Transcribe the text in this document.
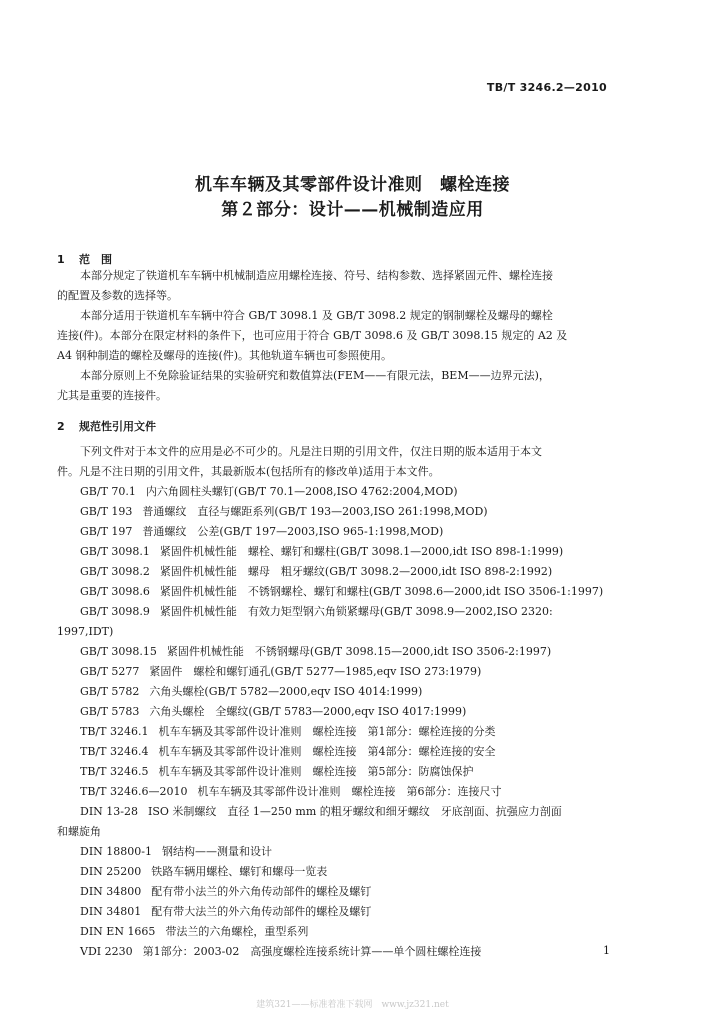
TB/T 3246.2—2010
机车车辆及其零部件设计准则　螺栓连接
第２部分：设计——机械制造应用
1 范　围
本部分规定了铁道机车车辆中机械制造应用螺栓连接、符号、结构参数、选择紧固元件、螺栓连接
的配置及参数的选择等。
本部分适用于铁道机车车辆中符合 GB/T 3098.1 及 GB/T 3098.2 规定的钢制螺栓及螺母的螺栓
连接(件)。本部分在限定材料的条件下，也可应用于符合 GB/T 3098.6 及 GB/T 3098.15 规定的 A2 及
A4 钢种制造的螺栓及螺母的连接(件)。其他轨道车辆也可参照使用。
本部分原则上不免除验证结果的实验研究和数值算法(FEM——有限元法，BEM——边界元法)，
尤其是重要的连接件。
2 规范性引用文件
下列文件对于本文件的应用是必不可少的。凡是注日期的引用文件，仅注日期的版本适用于本文
件。凡是不注日期的引用文件，其最新版本(包括所有的修改单)适用于本文件。
GB/T 70.1 内六角圆柱头螺钉(GB/T 70.1—2008,ISO 4762:2004,MOD)
GB/T 193 普通螺纹　直径与螺距系列(GB/T 193—2003,ISO 261:1998,MOD)
GB/T 197 普通螺纹　公差(GB/T 197—2003,ISO 965-1:1998,MOD)
GB/T 3098.1 紧固件机械性能　螺栓、螺钉和螺柱(GB/T 3098.1—2000,idt ISO 898-1:1999)
GB/T 3098.2 紧固件机械性能　螺母　粗牙螺纹(GB/T 3098.2—2000,idt ISO 898-2:1992)
GB/T 3098.6 紧固件机械性能　不锈钢螺栓、螺钉和螺柱(GB/T 3098.6—2000,idt ISO 3506-1:1997)
GB/T 3098.9 紧固件机械性能　有效力矩型钢六角锁紧螺母(GB/T 3098.9—2002,ISO 2320:
1997,IDT)
GB/T 3098.15 紧固件机械性能　不锈钢螺母(GB/T 3098.15—2000,idt ISO 3506-2:1997)
GB/T 5277 紧固件　螺栓和螺钉通孔(GB/T 5277—1985,eqv ISO 273:1979)
GB/T 5782 六角头螺栓(GB/T 5782—2000,eqv ISO 4014:1999)
GB/T 5783 六角头螺栓　全螺纹(GB/T 5783—2000,eqv ISO 4017:1999)
TB/T 3246.1 机车车辆及其零部件设计准则　螺栓连接　第1部分：螺栓连接的分类
TB/T 3246.4 机车车辆及其零部件设计准则　螺栓连接　第4部分：螺栓连接的安全
TB/T 3246.5 机车车辆及其零部件设计准则　螺栓连接　第5部分：防腐蚀保护
TB/T 3246.6—2010 机车车辆及其零部件设计准则　螺栓连接　第6部分：连接尺寸
DIN 13-28 ISO 米制螺纹　直径 1—250 mm 的粗牙螺纹和细牙螺纹　牙底剖面、抗强应力剖面
和螺旋角
DIN 18800-1 钢结构——测量和设计
DIN 25200 铁路车辆用螺栓、螺钉和螺母一览表
DIN 34800 配有带小法兰的外六角传动部件的螺栓及螺钉
DIN 34801 配有带大法兰的外六角传动部件的螺栓及螺钉
DIN EN 1665 带法兰的六角螺栓，重型系列
VDI 2230 第1部分：2003-02　高强度螺栓连接系统计算——单个圆柱螺栓连接	1
建筑321——标准着准下载网　www.jz321.net
